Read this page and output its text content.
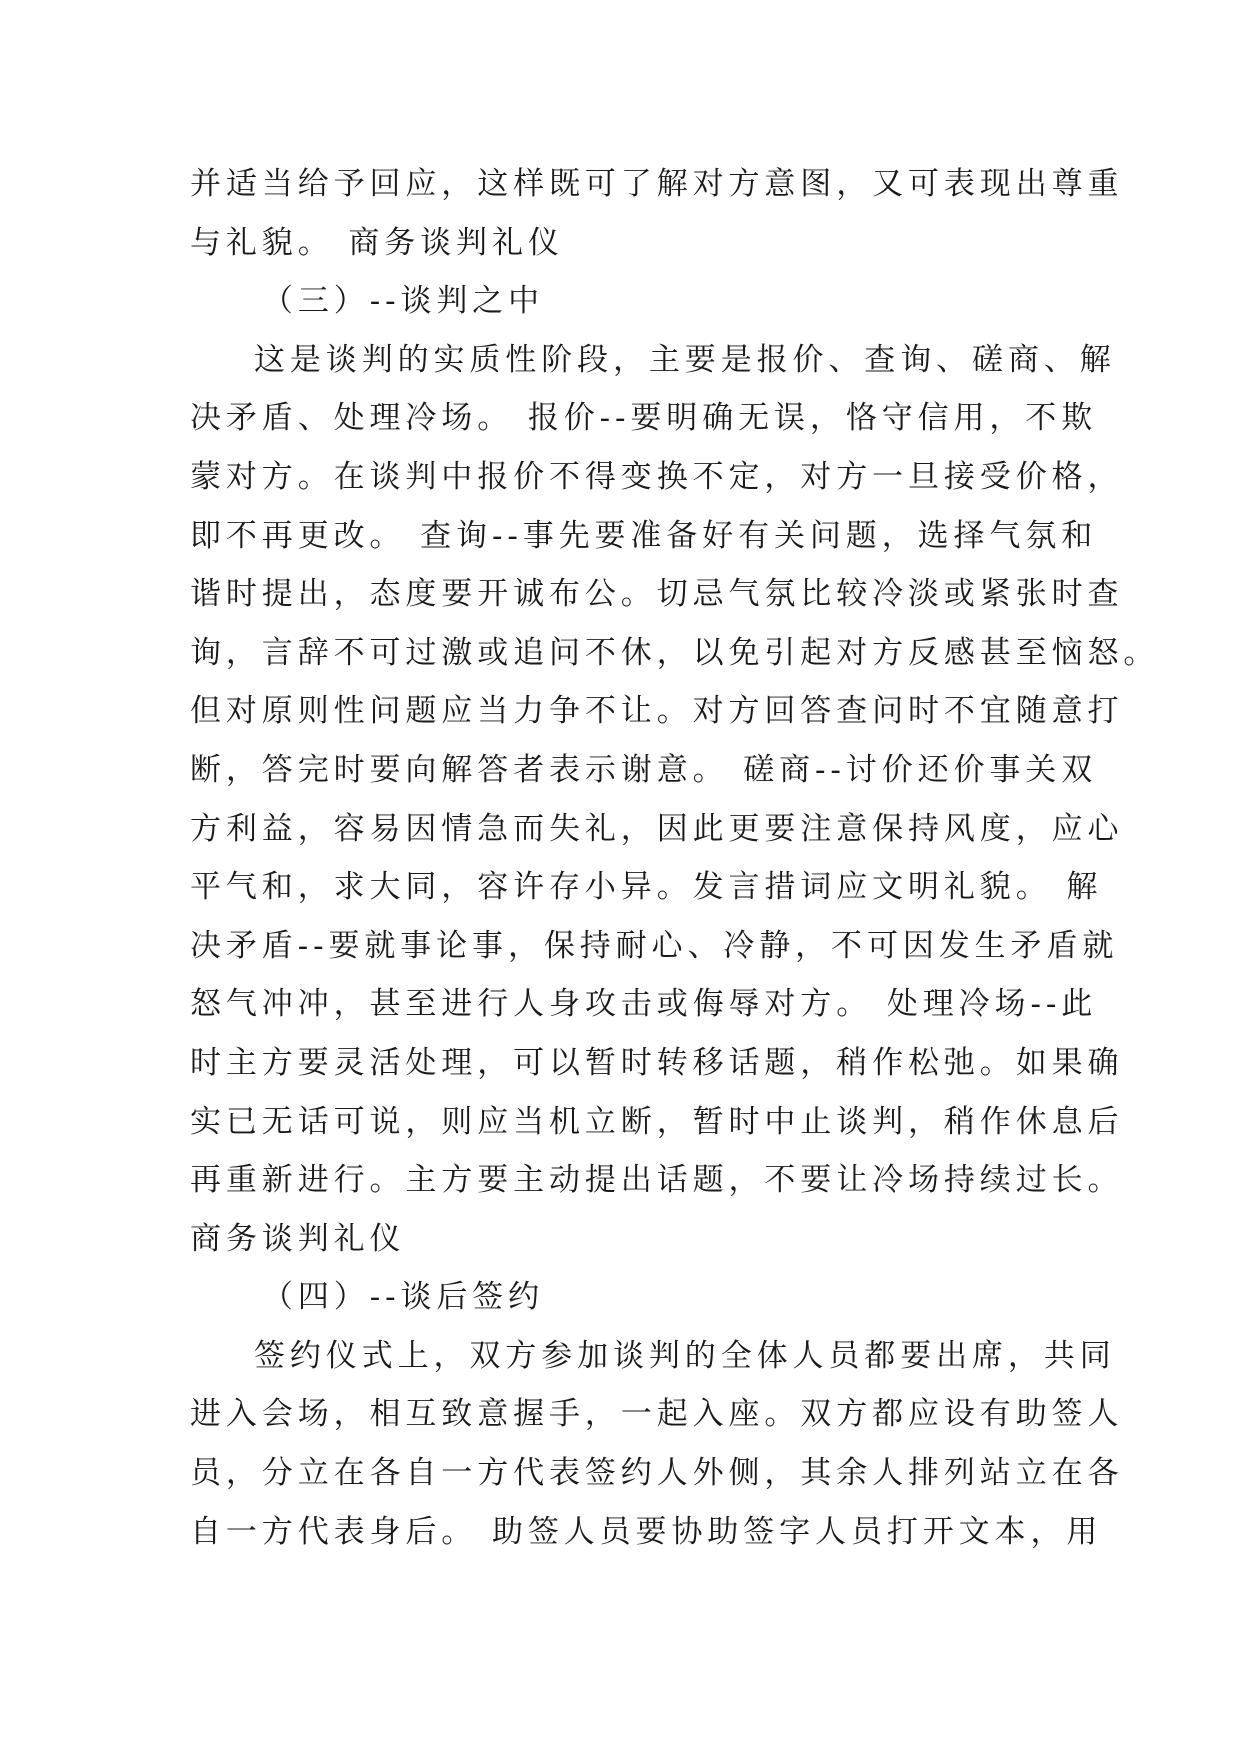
并适当给予回应，这样既可了解对方意图，又可表现出尊重
与礼貌。 商务谈判礼仪
（三）--谈判之中
这是谈判的实质性阶段，主要是报价、查询、磋商、解
决矛盾、处理冷场。 报价--要明确无误，恪守信用，不欺
蒙对方。在谈判中报价不得变换不定，对方一旦接受价格，
即不再更改。 查询--事先要准备好有关问题，选择气氛和
谐时提出，态度要开诚布公。切忌气氛比较冷淡或紧张时查
询，言辞不可过激或追问不休，以免引起对方反感甚至恼怒。
但对原则性问题应当力争不让。对方回答查问时不宜随意打
断，答完时要向解答者表示谢意。 磋商--讨价还价事关双
方利益，容易因情急而失礼，因此更要注意保持风度，应心
平气和，求大同，容许存小异。发言措词应文明礼貌。 解
决矛盾--要就事论事，保持耐心、冷静，不可因发生矛盾就
怒气冲冲，甚至进行人身攻击或侮辱对方。 处理冷场--此
时主方要灵活处理，可以暂时转移话题，稍作松弛。如果确
实已无话可说，则应当机立断，暂时中止谈判，稍作休息后
再重新进行。主方要主动提出话题，不要让冷场持续过长。
商务谈判礼仪
（四）--谈后签约
签约仪式上，双方参加谈判的全体人员都要出席，共同
进入会场，相互致意握手，一起入座。双方都应设有助签人
员，分立在各自一方代表签约人外侧，其余人排列站立在各
自一方代表身后。 助签人员要协助签字人员打开文本，用
